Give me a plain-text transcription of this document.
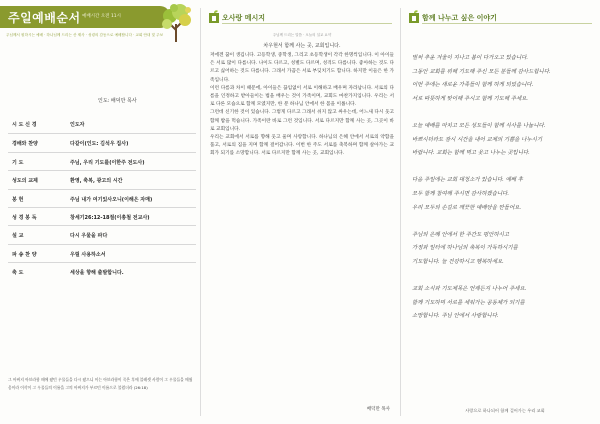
주일예배순서 예배시간 오전 11시
주님께서 원하시는 예배 · 하나님께 드리는 산 제사 · 성령의 감동으로 예배합니다 · 교회 안내 및 주보
인도: 배덕만 목사
시 도 신 경	인도자
경배와 찬양	다같이(인도: 김석우 집사)
기 도	주님, 우리 기도를(이한주 전도사)
성도의 교제	환영, 축복, 광고의 시간
봉 헌	주님 내가 여기있사오니(이해은 자매)
성 경 봉 독	창세기26:12-18절(이총철 전교사)
설 교	다시 우물을 파다
파 송 찬 양	우릴 사용하소서
축 도	세상을 향해 출발합니다.
그 아버지 아브라함 때에 팠던 우물들을 다시 팠으니 이는 아브라함이 죽은 후에 블레셋 사람이 그 우물들을 메웠음이라 이삭이 그 우물들의 이름을 그의 아버지가 부르던 이름으로 불렀더라 (26:18)
오사랑 메시지
주님께 드리는 말씀 · 오늘의 설교 요약
차우현서 함께 사는 곳, 교회입니다.

저에겐 꿈이 생깁니다. 고등학생, 중학생, 그리고 초등학생이 각각 한명씩입니다. 이 아이들은 서로 많이 다릅니다. 나이도 다르고, 성별도 다르며, 성격도 다릅니다. 좋아하는 것도 다르고 싫어하는 것도 다릅니다. 그래서 가끔은 서로 부딪치기도 합니다. 하지만 이들은 한 가족입니다.

이런 다름과 차이 때문에, 아이들은 끊임없이 서로 이해하고 배우며 자라납니다. 서로의 다름을 인정하고 받아들이는 법을 배우는 것이 가족이며, 교회도 마찬가지입니다. 우리는 서로 다른 모습으로 함께 모였지만, 한 분 하나님 안에서 한 몸을 이룹니다.

그런데 신기한 것이 있습니다. 그렇게 다르고 그래서 쉬지 않고 싸우는데, 어느새 다시 웃고 함께 밥을 먹습니다. 가족이란 바로 그런 것입니다. 서로 다르지만 함께 사는 곳, 그곳이 바로 교회입니다.

우리는 교회에서 서로를 향해 웃고 울며 사랑합니다. 하나님의 은혜 안에서 서로의 약함을 품고, 서로의 짐을 지며 함께 걸어갑니다. 이번 한 주도 서로를 축복하며 함께 살아가는 교회가 되기를 소망합니다. 서로 다르지만 함께 사는 곳, 교회입니다.

배덕만 목사
함께 나누고 싶은 이야기
벌써 추운 겨울이 지나고 봄이 다가오고 있습니다.
그동안 교회를 위해 기도해 주신 모든 분들께 감사드립니다.
이번 주에는 새로운 가족들이 함께 하게 되었습니다.
서로 따뜻하게 맞이해 주시고 함께 기도해 주세요.

오늘 예배를 마치고 모든 성도들이 함께 식사를 나눕니다.
바쁘시더라도 잠시 시간을 내어 교제의 기쁨을 나누시기
바랍니다. 교회는 함께 먹고 웃고 나누는 곳입니다.

다음 주일에는 교회 대청소가 있습니다. 예배 후
모두 함께 참여해 주시면 감사하겠습니다.
우리 모두의 손길로 깨끗한 예배당을 만들어요.

주님의 은혜 안에서 한 주간도 평안하시고
가정과 일터에 하나님의 축복이 가득하시기를
기도합니다. 늘 건강하시고 행복하세요.

교회 소식과 기도제목은 언제든지 나누어 주세요.
함께 기도하며 서로를 세워가는 공동체가 되기를
소망합니다. 주님 안에서 사랑합니다.
사랑으로 하나되어 함께 걸어가는 우리 교회
